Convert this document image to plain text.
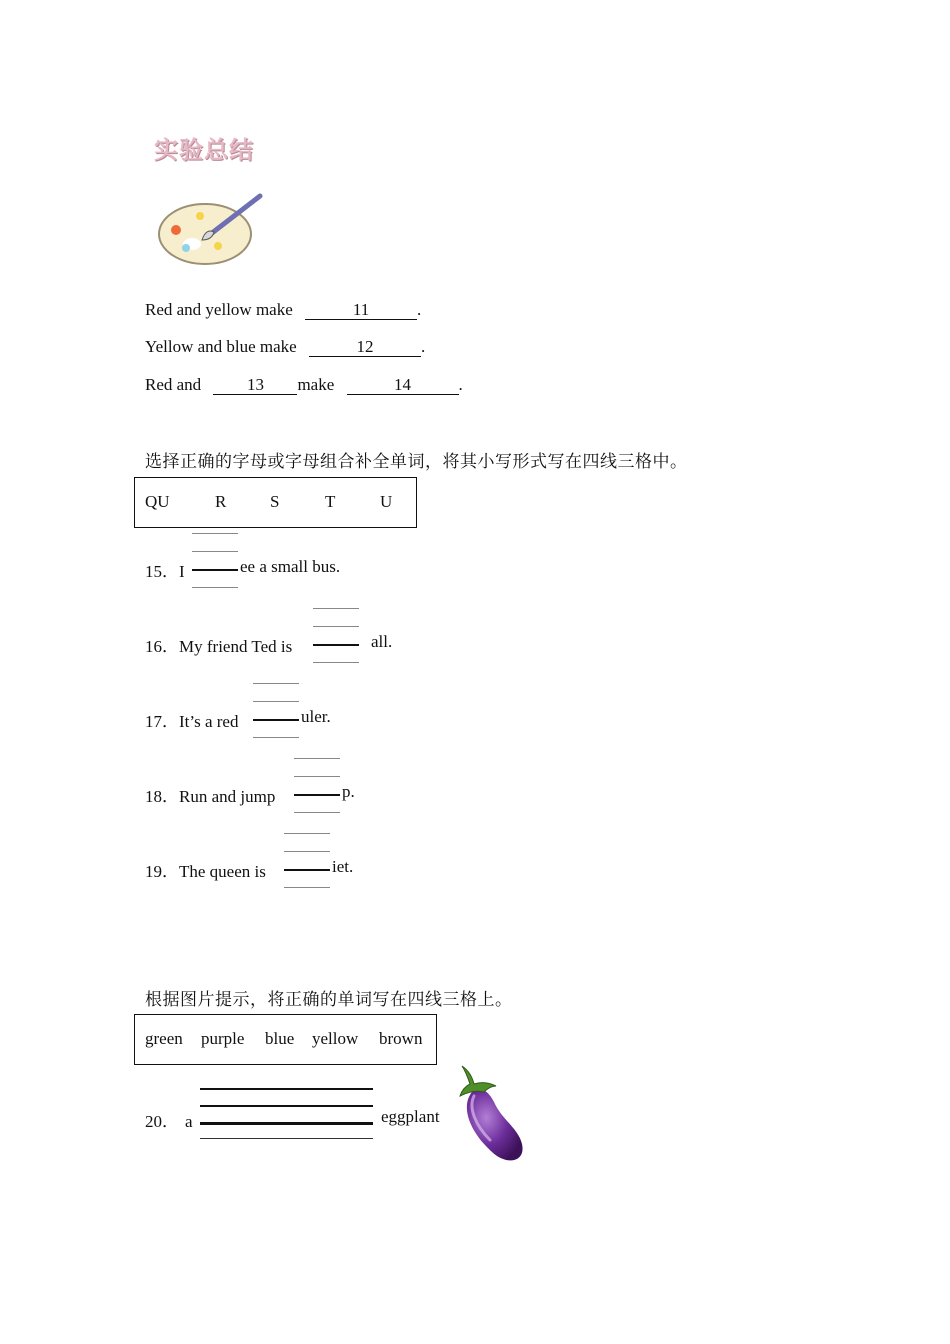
实验总结
Red and yellow make	11	.
Yellow and blue make	12	.
Red and	13 make	14	.
选择正确的字母或字母组合补全单词，将其小写形式写在四线三格中。
QU	R	S	T	U
15．I	ee a small bus.
16．My friend Ted is	all.
17．It’s a red	uler.
18．Run and jump	p.
19．The queen is	iet.
根据图片提示，将正确的单词写在四线三格上。
green purple blue yellow brown
20． a	eggplant
